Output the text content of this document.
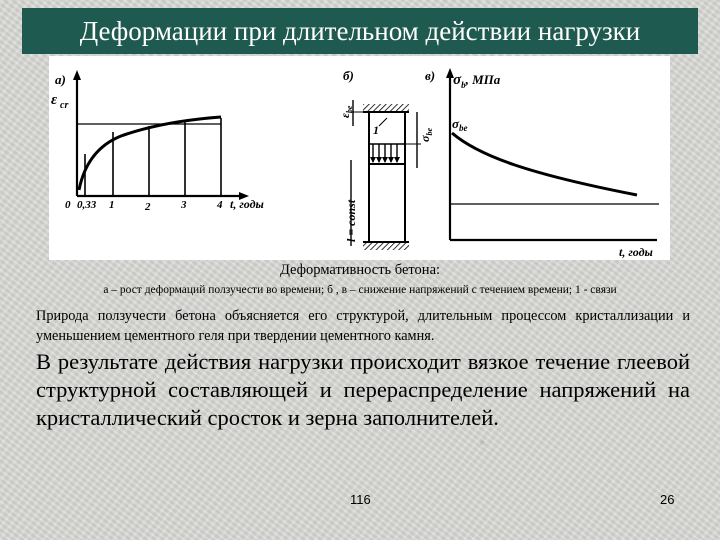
Деформации при длительном действии нагрузки
а)
ε cr
0 0,33 1	2	3	4 t, годы
б)
1
$\varepsilon_{be}$
l = const
$\sigma_{be}$
в) $\sigma_b$, МПа
$\sigma_{be}$
t, годы
Деформативность бетона:
а – рост деформаций ползучести во времени; б , в – снижение напряжений с течением времени; 1 - связи
Природа ползучести бетона объясняется его структурой, длительным процессом кристаллизации и уменьшением цементного геля при твердении цементного камня.
В результате действия нагрузки происходит вязкое течение глеевой структурной составляющей и перераспределение напряжений на кристаллический сросток и зерна заполнителей.
116	26
